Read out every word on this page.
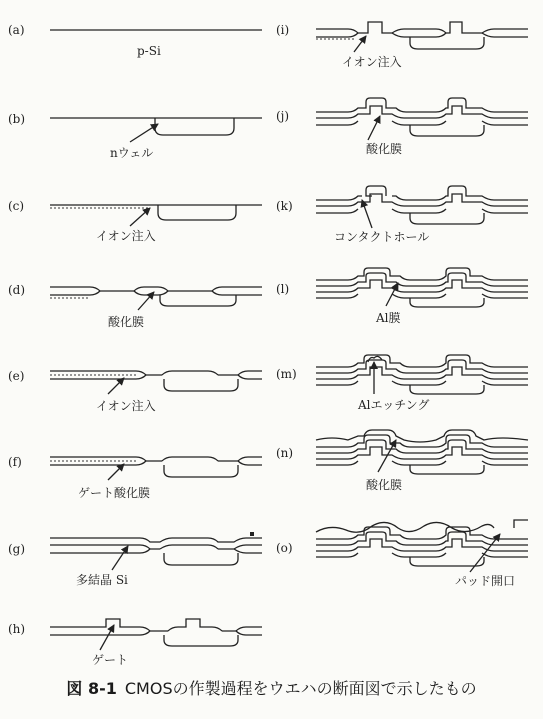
(a)
p-Si
(b)
nウェル
(c)
イオン注入
(d)
酸化膜
(e)
イオン注入
(f)
ゲート酸化膜
(g)
多結晶 Si
(h)
ゲート
(i)
イオン注入
(j)
酸化膜
(k)
コンタクトホール
(l)
Al膜
(m)
Alエッチング
(n)
酸化膜
(o)
パッド開口
図 8-1 CMOSの作製過程をウエハの断面図で示したもの
